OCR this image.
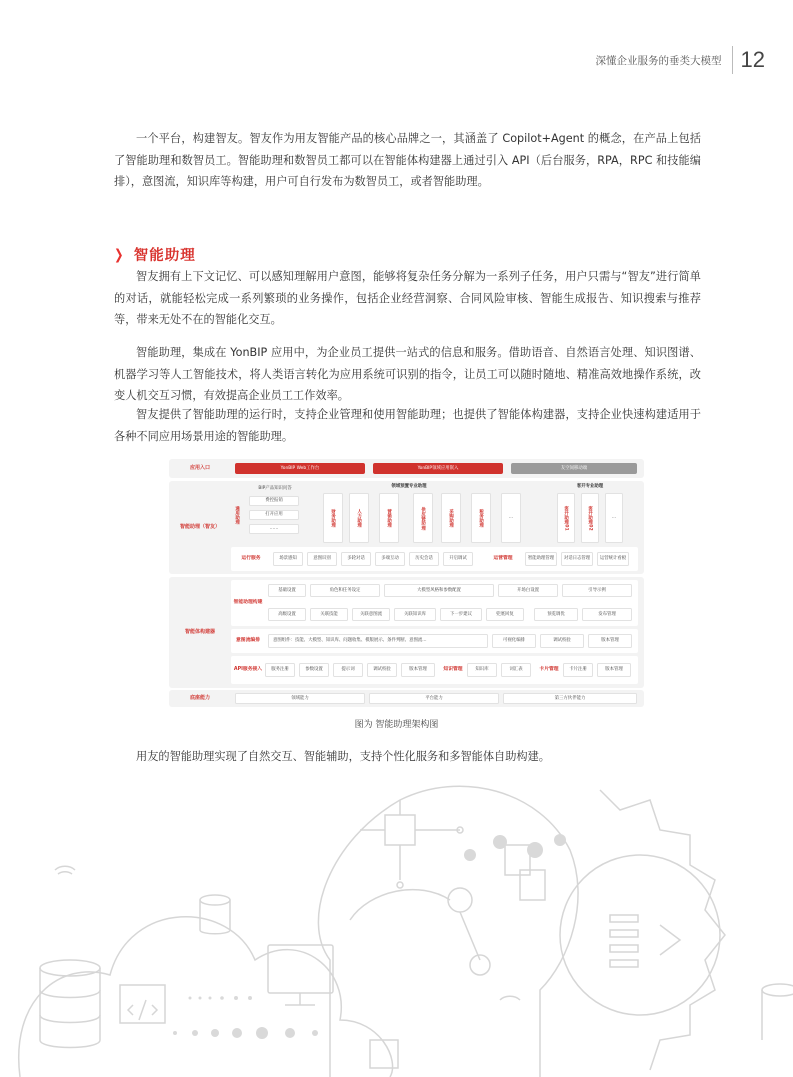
深懂企业服务的垂类大模型 12

一个平台，构建智友。智友作为用友智能产品的核心品牌之一，其涵盖了 Copilot+Agent 的概念，在产品上包括了智能助理和数智员工。智能助理和数智员工都可以在智能体构建器上通过引入 API（后台服务，RPA，RPC 和技能编排），意图流，知识库等构建，用户可自行发布为数智员工，或者智能助理。

❯ 智能助理

智友拥有上下文记忆、可以感知理解用户意图，能够将复杂任务分解为一系列子任务，用户只需与“智友”进行简单的对话，就能轻松完成一系列繁琐的业务操作，包括企业经营洞察、合同风险审核、智能生成报告、知识搜索与推荐等，带来无处不在的智能化交互。

智能助理，集成在 YonBIP 应用中，为企业员工提供一站式的信息和服务。借助语音、自然语言处理、知识图谱、机器学习等人工智能技术，将人类语言转化为应用系统可识别的指令，让员工可以随时随地、精准高效地操作系统，改变人机交互习惯，有效提高企业员工工作效率。

智友提供了智能助理的运行时，支持企业管理和使用智能助理；也提供了智能体构建器，支持企业快速构建适用于各种不同应用场景用途的智能助理。

应用入口	YonBIP Web工作台	YonBIP领域应用嵌入	友空间移动端
智能助理（智友）
通用助理
BIP产品知识问答
费控报销
打开应用
……
领域预置专业助理
财务助理	人力助理	营销助理	供应链助理	采购助理	税务助理	…
客开专业助理
客开助理01	客开助理02	…
运行服务	场景感知	意图识别	多轮对话	多端互动	历史会话	开启调试	运营管理	智能助理管理	对话日志管理	运营统计看板
智能体构建器
智能助理构建
基础设置	角色和任务设定	大模型风格和参数配置	开场白设置	引导示例
高级设置	关联技能	关联意图流	关联知识库	下一步建议	兜底回复	预览调优	发布管理
意图流编排	意图组件：技能、大模型、知识库、问题收集、模版展示、条件判断、意图流...	可视化编排	调试校验	版本管理
API服务接入	服务注册	参数设置	提示词	调试校验	版本管理	知识管理	知识库	词汇表	卡片管理	卡片注册	版本管理
底座能力	领域能力	平台能力	第三方伙伴能力
图为 智能助理架构图

用友的智能助理实现了自然交互、智能辅助，支持个性化服务和多智能体自助构建。
